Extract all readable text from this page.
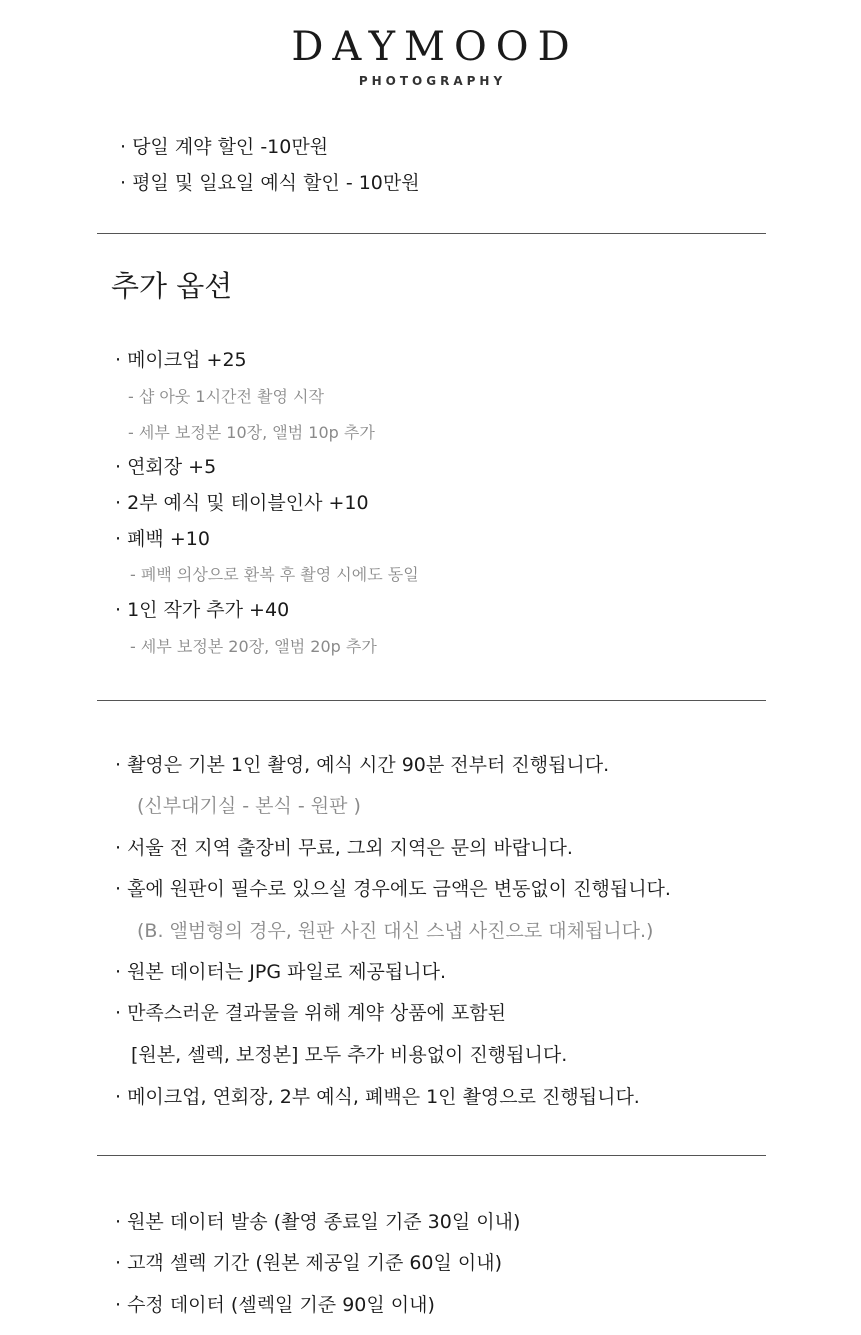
DAYMOOD
PHOTOGRAPHY
· 당일 계약 할인 -10만원
· 평일 및 일요일 예식 할인 - 10만원
추가 옵션
· 메이크업 +25
- 샵 아웃 1시간전 촬영 시작
- 세부 보정본 10장, 앨범 10p 추가
· 연회장 +5
· 2부 예식 및 테이블인사 +10
· 폐백 +10
- 폐백 의상으로 환복 후 촬영 시에도 동일
· 1인 작가 추가 +40
- 세부 보정본 20장, 앨범 20p 추가
· 촬영은 기본 1인 촬영, 예식 시간 90분 전부터 진행됩니다.
(신부대기실 - 본식 - 원판 )
· 서울 전 지역 출장비 무료, 그외 지역은 문의 바랍니다.
· 홀에 원판이 필수로 있으실 경우에도 금액은 변동없이 진행됩니다.
(B. 앨범형의 경우, 원판 사진 대신 스냅 사진으로 대체됩니다.)
· 원본 데이터는 JPG 파일로 제공됩니다.
· 만족스러운 결과물을 위해 계약 상품에 포함된
[원본, 셀렉, 보정본] 모두 추가 비용없이 진행됩니다.
· 메이크업, 연회장, 2부 예식, 폐백은 1인 촬영으로 진행됩니다.
· 원본 데이터 발송 (촬영 종료일 기준 30일 이내)
· 고객 셀렉 기간 (원본 제공일 기준 60일 이내)
· 수정 데이터 (셀렉일 기준 90일 이내)
